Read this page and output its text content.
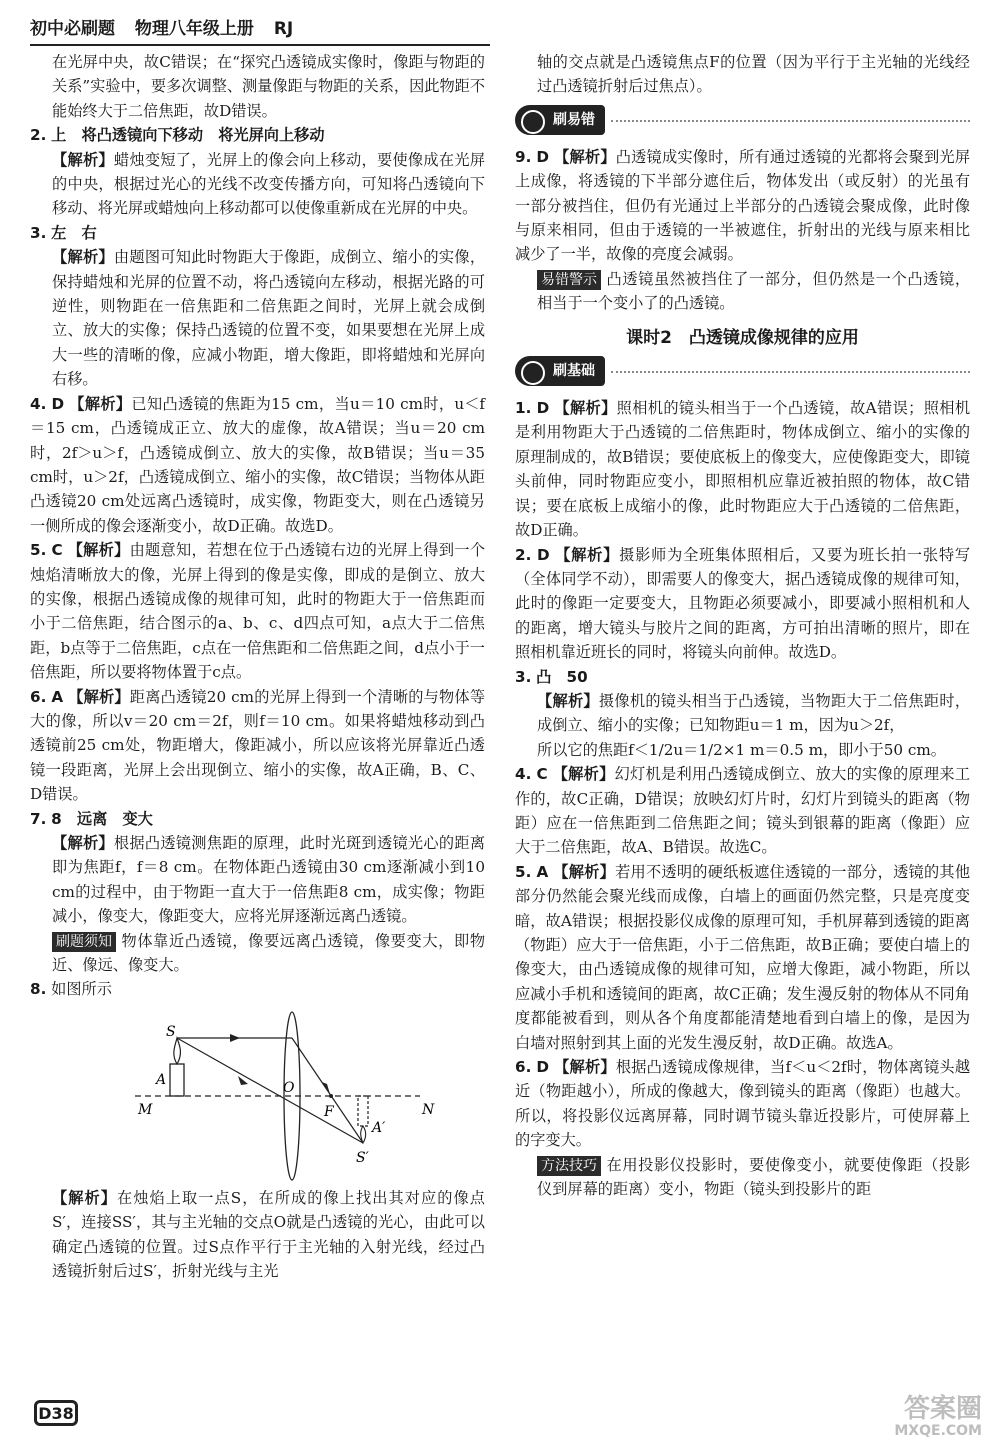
初中必刷题 物理八年级上册 RJ

在光屏中央，故C错误；在“探究凸透镜成实像时，像距与物距的关系”实验中，要多次调整、测量像距与物距的关系，因此物距不能始终大于二倍焦距，故D错误。

2. 上　将凸透镜向下移动　将光屏向上移动

【解析】蜡烛变短了，光屏上的像会向上移动，要使像成在光屏的中央，根据过光心的光线不改变传播方向，可知将凸透镜向下移动、将光屏或蜡烛向上移动都可以使像重新成在光屏的中央。

3. 左　右

【解析】由题图可知此时物距大于像距，成倒立、缩小的实像，保持蜡烛和光屏的位置不动，将凸透镜向左移动，根据光路的可逆性，则物距在一倍焦距和二倍焦距之间时，光屏上就会成倒立、放大的实像；保持凸透镜的位置不变，如果要想在光屏上成大一些的清晰的像，应减小物距，增大像距，即将蜡烛和光屏向右移。

4. D 【解析】已知凸透镜的焦距为15 cm，当u＝10 cm时，u＜f＝15 cm，凸透镜成正立、放大的虚像，故A错误；当u＝20 cm时，2f＞u＞f，凸透镜成倒立、放大的实像，故B错误；当u＝35 cm时，u＞2f，凸透镜成倒立、缩小的实像，故C错误；当物体从距凸透镜20 cm处远离凸透镜时，成实像，物距变大，则在凸透镜另一侧所成的像会逐渐变小，故D正确。故选D。

5. C 【解析】由题意知，若想在位于凸透镜右边的光屏上得到一个烛焰清晰放大的像，光屏上得到的像是实像，即成的是倒立、放大的实像，根据凸透镜成像的规律可知，此时的物距大于一倍焦距而小于二倍焦距，结合图示的a、b、c、d四点可知，a点大于二倍焦距，b点等于二倍焦距，c点在一倍焦距和二倍焦距之间，d点小于一倍焦距，所以要将物体置于c点。

6. A 【解析】距离凸透镜20 cm的光屏上得到一个清晰的与物体等大的像，所以v＝20 cm＝2f，则f＝10 cm。如果将蜡烛移动到凸透镜前25 cm处，物距增大，像距减小，所以应该将光屏靠近凸透镜一段距离，光屏上会出现倒立、缩小的实像，故A正确，B、C、D错误。

7. 8　远离　变大

【解析】根据凸透镜测焦距的原理，此时光斑到透镜光心的距离即为焦距f，f＝8 cm。在物体距凸透镜由30 cm逐渐减小到10 cm的过程中，由于物距一直大于一倍焦距8 cm，成实像；物距减小，像变大，像距变大，应将光屏逐渐远离凸透镜。

刷题须知 物体靠近凸透镜，像要远离凸透镜，像要变大，即物近、像远、像变大。

8. 如图所示

S
A
M
O
F	N
A′
S′

【解析】在烛焰上取一点S，在所成的像上找出其对应的像点S′，连接SS′，其与主光轴的交点O就是凸透镜的光心，由此可以确定凸透镜的位置。过S点作平行于主光轴的入射光线，经过凸透镜折射后过S′，折射光线与主光

轴的交点就是凸透镜焦点F的位置（因为平行于主光轴的光线经过凸透镜折射后过焦点）。

刷易错

9. D 【解析】凸透镜成实像时，所有通过透镜的光都将会聚到光屏上成像，将透镜的下半部分遮住后，物体发出（或反射）的光虽有一部分被挡住，但仍有光通过上半部分的凸透镜会聚成像，此时像与原来相同，但由于透镜的一半被遮住，折射出的光线与原来相比减少了一半，故像的亮度会减弱。

易错警示 凸透镜虽然被挡住了一部分，但仍然是一个凸透镜，相当于一个变小了的凸透镜。

课时2　凸透镜成像规律的应用
刷基础

1. D 【解析】照相机的镜头相当于一个凸透镜，故A错误；照相机是利用物距大于凸透镜的二倍焦距时，物体成倒立、缩小的实像的原理制成的，故B错误；要使底板上的像变大，应使像距变大，即镜头前伸，同时物距应变小，即照相机应靠近被拍照的物体，故C错误；要在底板上成缩小的像，此时物距应大于凸透镜的二倍焦距，故D正确。

2. D 【解析】摄影师为全班集体照相后，又要为班长拍一张特写（全体同学不动），即需要人的像变大，据凸透镜成像的规律可知，此时的像距一定要变大，且物距必须要减小，即要减小照相机和人的距离，增大镜头与胶片之间的距离，方可拍出清晰的照片，即在照相机靠近班长的同时，将镜头向前伸。故选D。

3. 凸　50

【解析】摄像机的镜头相当于凸透镜，当物距大于二倍焦距时，成倒立、缩小的实像；已知物距u＝1 m，因为u＞2f，

所以它的焦距f＜1/2u＝1/2×1 m＝0.5 m，即小于50 cm。

4. C 【解析】幻灯机是利用凸透镜成倒立、放大的实像的原理来工作的，故C正确，D错误；放映幻灯片时，幻灯片到镜头的距离（物距）应在一倍焦距到二倍焦距之间；镜头到银幕的距离（像距）应大于二倍焦距，故A、B错误。故选C。

5. A 【解析】若用不透明的硬纸板遮住透镜的一部分，透镜的其他部分仍然能会聚光线而成像，白墙上的画面仍然完整，只是亮度变暗，故A错误；根据投影仪成像的原理可知，手机屏幕到透镜的距离（物距）应大于一倍焦距，小于二倍焦距，故B正确；要使白墙上的像变大，由凸透镜成像的规律可知，应增大像距，减小物距，所以应减小手机和透镜间的距离，故C正确；发生漫反射的物体从不同角度都能被看到，则从各个角度都能清楚地看到白墙上的像，是因为白墙对照射到其上面的光发生漫反射，故D正确。故选A。

6. D 【解析】根据凸透镜成像规律，当f＜u＜2f时，物体离镜头越近（物距越小），所成的像越大，像到镜头的距离（像距）也越大。所以，将投影仪远离屏幕，同时调节镜头靠近投影片，可使屏幕上的字变大。

方法技巧 在用投影仪投影时，要使像变小，就要使像距（投影仪到屏幕的距离）变小，物距（镜头到投影片的距

D38	答案圈
MXQE.COM
